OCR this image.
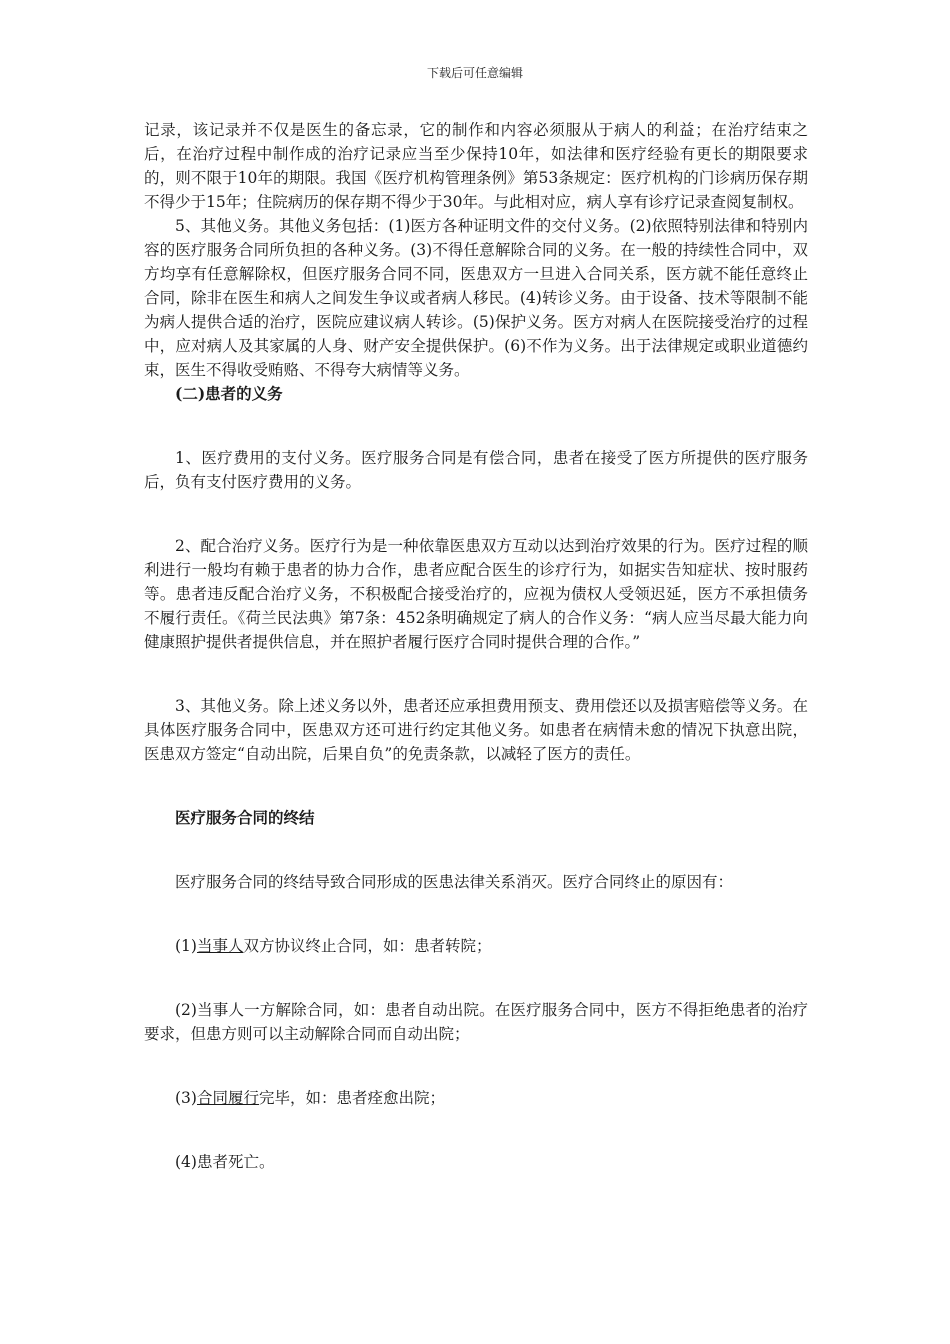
下载后可任意编辑

记录，该记录并不仅是医生的备忘录，它的制作和内容必须服从于病人的利益；在治疗结束之后，在治疗过程中制作成的治疗记录应当至少保持10年，如法律和医疗经验有更长的期限要求的，则不限于10年的期限。我国《医疗机构管理条例》第53条规定：医疗机构的门诊病历保存期不得少于15年；住院病历的保存期不得少于30年。与此相对应，病人享有诊疗记录查阅复制权。

5、其他义务。其他义务包括：(1)医方各种证明文件的交付义务。(2)依照特别法律和特别内容的医疗服务合同所负担的各种义务。(3)不得任意解除合同的义务。在一般的持续性合同中，双方均享有任意解除权，但医疗服务合同不同，医患双方一旦进入合同关系，医方就不能任意终止合同，除非在医生和病人之间发生争议或者病人移民。(4)转诊义务。由于设备、技术等限制不能为病人提供合适的治疗，医院应建议病人转诊。(5)保护义务。医方对病人在医院接受治疗的过程中，应对病人及其家属的人身、财产安全提供保护。(6)不作为义务。出于法律规定或职业道德约束，医生不得收受贿赂、不得夸大病情等义务。

(二)患者的义务

1、医疗费用的支付义务。医疗服务合同是有偿合同，患者在接受了医方所提供的医疗服务后，负有支付医疗费用的义务。

2、配合治疗义务。医疗行为是一种依靠医患双方互动以达到治疗效果的行为。医疗过程的顺利进行一般均有赖于患者的协力合作，患者应配合医生的诊疗行为，如据实告知症状、按时服药等。患者违反配合治疗义务，不积极配合接受治疗的，应视为债权人受领迟延，医方不承担债务不履行责任。《荷兰民法典》第7条：452条明确规定了病人的合作义务：“病人应当尽最大能力向健康照护提供者提供信息，并在照护者履行医疗合同时提供合理的合作。”

3、其他义务。除上述义务以外，患者还应承担费用预支、费用偿还以及损害赔偿等义务。在具体医疗服务合同中，医患双方还可进行约定其他义务。如患者在病情未愈的情况下执意出院，医患双方签定“自动出院，后果自负”的免责条款，以减轻了医方的责任。

医疗服务合同的终结

医疗服务合同的终结导致合同形成的医患法律关系消灭。医疗合同终止的原因有：

(1)当事人双方协议终止合同，如：患者转院；

(2)当事人一方解除合同，如：患者自动出院。在医疗服务合同中，医方不得拒绝患者的治疗要求，但患方则可以主动解除合同而自动出院；

(3)合同履行完毕，如：患者痊愈出院；

(4)患者死亡。
